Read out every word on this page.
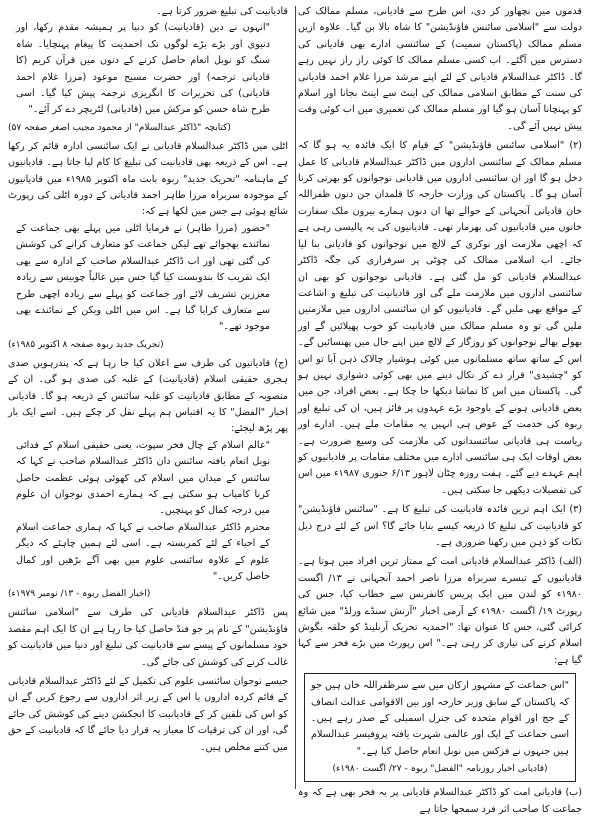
قدموں میں نچھاور کر دی، اس طرح سے قادیانی، مسلم ممالک کی دولت سے "اسلامی سائنس فاؤنڈیشن" کا شاہ بالا بن گیا۔ علاوہ ازیں مسلم ممالک (پاکستان سمیت) کے سائنسی ادارے بھی قادیانی کی دسترس میں آگئے۔ اب کسی مسلم ممالک کا کوئی راز راز نہیں رہے گا۔ ڈاکٹر عبدالسلام قادیانی کے لئے اپنے مرشد مرزا غلام احمد قادیانی کی سنت کے مطابق اسلامی ممالک کی اینٹ سے اینٹ بجانا اور اسلام کو پہنچانا آسان ہو گیا اور مسلم ممالک کی تعمیری میں اب کوئی وقت پیش نہیں آئے گی۔

(۲) "اسلامی سائنس فاؤنڈیشن" کے قیام کا ایک فائدہ یہ ہو گا کہ مسلم ممالک کے سائنسی اداروں میں ڈاکٹر عبدالسلام قادیانی کا عمل دخل ہو گا اور ان سائنسی اداروں میں قادیانی نوجوانوں کو بھرتی کرنا آسان ہو گا۔ پاکستان کی وزارت خارجہ کا قلمدان جن دنوں ظفراللہ خان قادیانی آنجہانی کے حوالے تھا ان دنوں ہمارے بیرون ملک سفارت خانوں میں قادیانیوں کی بھرمار تھی۔ قادیانیوں کی یہ پالیسی رہی ہے کہ اچھی ملازمت اور نوکری کے لالچ میں نوجوانوں کو قادیانی بنا لیا جائے۔ اب اسلامی ممالک کی چوٹی پر سرفرازی کی جگہ ڈاکٹر عبدالسلام قادیانی کو مل گئی ہے۔ قادیانی نوجوانوں کو بھی ان سائنسی اداروں میں ملازمت ملے گی اور قادیانیت کی تبلیغ و اشاعت کے مواقع بھی ملیں گے۔ قادیانیوں کو ان سائنسی اداروں میں ملازمتیں ملیں گی تو وہ مسلم ممالک میں قادیانیت کو خوب پھیلائیں گے اور بھولے بھالے نوجوانوں کو روزگار کے لالچ میں اپنے جال میں پھنسائیں گے۔ اس کے ساتھ ساتھ مسلمانوں میں کوئی ہوشیار چالاک ذہن آیا تو اس کو "چشیدی" قرار دے کر نکال دینے میں بھی کوئی دشواری نہیں ہو گی۔ پاکستان میں اس کا تماشا دیکھا جا چکا ہے۔ بعض افراد، جن میں بعض قادیانی ہونے کے باوجود بڑے عہدوں پر فائز ہیں، ان کی تبلیغ اور ربوہ کی خدمت کے عوض ہی انہیں یہ مقامات ملے ہیں۔ ادارے اور ریاست ہی قادیانی سائنسدانوں کی ملازمت کی وسیع ضرورت ہے۔ بعض اوقات ایک ہی سائنسی ادارے میں مختلف مقامات پر قادیانیوں کو اہم عہدے دیے گئے۔ ہفت روزہ چٹان لاہور ۶/۱۳ جنوری ۱۹۸۷ء میں اس کی تفصیلات دیکھی جا سکتی ہیں۔

(۳) ایک اہم ترین فائدہ قادیانیت کی تبلیغ کا ہے۔ "سائنس فاؤنڈیشن" کو قادیانیت کی تبلیغ کا ذریعہ کیسے بنایا جائے گا؟ اس کے لئے درج ذیل نکات کو ذہن میں رکھنا ضروری ہے۔

(الف) ڈاکٹر عبدالسلام قادیانی امت کے ممتاز ترین افراد میں ہوتا ہے۔ قادیانیوں کے تیسرے سربراہ مرزا ناصر احمد آنجہانی نے ۱۳/ اگست ۱۹۸۰ء کو لندن میں ایک پریس کانفرنس سے خطاب کیا، جس کی رپورٹ ۱۹/ اگست ۱۹۸۰ء کے آرمی اخبار "آرنش سنڈے ورلڈ" میں شائع کرائی گئی، جس کا عنوان تھا: "احمدیہ تحریک آرنلینڈ کو حلقہ بگوش اسلام کرنے کی تیاری کر رہی ہے۔" اس رپورٹ میں بڑے فخر سے کہا گیا ہے:

"اس جماعت کے مشہور ارکان میں سے سرظفراللہ خان ہیں جو کہ پاکستان کے سابق وزیر خارجہ اور بین الاقوامی عدالت انصاف کے جج اور اقوام متحدہ کی جنرل اسمبلی کے صدر رہے ہیں۔ اسی جماعت کے ایک اور عالمی شہرت یافتہ پروفیسر عبدالسلام ہیں جنہوں نے فزکس میں نوبل انعام حاصل کیا ہے۔"

(قادیانی اخبار روزنامہ "الفضل" ربوہ - ۲۷/ اگست ۱۹۸۰ء)

(ب) قادیانی امت کو ڈاکٹر عبدالسلام قادیانی پر یہ فخر بھی ہے کہ وہ جماعت کا صاحب اثر فرد سمجھا جاتا ہے

قادیانیت کی تبلیغ ضرور کرتا ہے۔

"انہوں نے دین (قادیانیت) کو دنیا پر ہمیشہ مقدم رکھا، اور دنیوی اور بڑے بڑے لوگوں تک احمدیت کا پیغام پہنچایا۔ شاہ سنگ کو نوبل انعام حاصل کرنے کے دنوں میں قرآن کریم (کا قادیانی ترجمہ) اور حضرت مسیح موعود (مرزا غلام احمد قادیانی) کی تحریرات کا انگریزی ترجمہ پیش کیا گیا۔ اسی طرح شاہ حسن کو مرکش میں (قادیانی) لٹریچر دے کر آئے۔"

(کتابچہ "ڈاکٹر عبدالسلام" از محمود مجیب اصغر صفحہ ۵۷)

اٹلی میں ڈاکٹر عبدالسلام قادیانی نے ایک سائنسی ادارہ قائم کر رکھا ہے۔ اس کے ذریعہ بھی قادیانیت کی تبلیغ کا کام لیا جاتا ہے۔ قادیانیوں کے ماہنامہ "تحریک جدید" ربوہ بابت ماہ اکتوبر ۱۹۸۵ء میں قادیانیوں کے موجودہ سربراہ مرزا طاہر احمد قادیانی کے دورہ اٹلی کی رپورٹ شائع ہوئی ہے جس میں لکھا ہے کہ:

"حضور (مرزا طاہر) نے فرمایا اٹلی میں پہلے بھی جماعت کے نمائندے بھجوائے تھے لیکن جماعت کو متعارف کرانے کی کوشش کی گئی تھی اور اب ڈاکٹر عبدالسلام صاحب کے ادارہ سے بھی ایک تقریب کا بندوبست کیا گیا جس میں غالباً چوبیس سے زیادہ معززین تشریف لائے اور جماعت کو پہلے سے زیادہ اچھی طرح سے متعارف کرایا گیا ہے۔ اس میں اٹلی ویکن کے نمائندے بھی موجود تھے۔"

(تحریک جدید ربوہ صفحہ ۸ اکتوبر ۱۹۸۵ء)

(ج) قادیانیوں کی طرف سے اعلان کیا جا رہا ہے کہ پندرہویں صدی ہجری حقیقی اسلام (قادیانیت) کے غلبہ کی صدی ہو گی۔ ان کے منصوبہ کے مطابق قادیانیت کو غلبہ سائنس کے ذریعہ ہو گا۔ قادیانی اخبار "الفضل" کا یہ اقتباس ہم پہلے نقل کر چکے ہیں۔ اسے ایک بار پھر پڑھ لیجئے:

"عالم اسلام کے چال فخر سپوت، یعنی حقیقی اسلام کے فدائی نوبل انعام یافتہ سائنس دان ڈاکٹر عبدالسلام صاحب نے کہا کہ سائنس کے میدان میں اسلام کی کھوئی ہوئی عظمت حاصل کرنا کامیاب ہو سکتی ہے کہ ہمارے احمدی نوجوان ان علوم میں درجہ کمال کو پہنچیں۔

محترم ڈاکٹر عبدالسلام صاحب نے کہا کہ ہماری جماعت اسلام کے احیاء کے لئے کمربستہ ہے۔ اسی لئے ہمیں چاہئے کہ دیگر علوم کے علاوہ سائنسی علوم میں بھی آگے بڑھیں اور کمال حاصل کریں۔"

(اخبار الفضل ربوہ - ۱۳/ نومبر ۱۹۷۹ء)

پس ڈاکٹر عبدالسلام قادیانی کی طرف سے "اسلامی سائنس فاؤنڈیشن" کے نام پر جو فنڈ حاصل کیا جا رہا ہے ان کا ایک اہم مقصد خود مسلمانوں کے پیسے سے قادیانیت کی تبلیغ اور دنیا میں قادیانیت کو غالب کرنے کی کوشش کی جائے گی۔

جیسے نوجوان سائنسی علوم کی تکمیل کے لئے ڈاکٹر عبدالسلام قادیانی کے قائم کردہ اداروں یا اس کے زیر اثر اداروں سے رجوع کریں گے ان کو اس کی تلقین کر کے قادیانیت کا انجکشن دینے کی کوشش کی جائے گی، اور ان کی ترقیات کا معیار یہ قرار دیا جائے گا کہ قادیانیت کے حق میں کتنے مخلص ہیں۔
